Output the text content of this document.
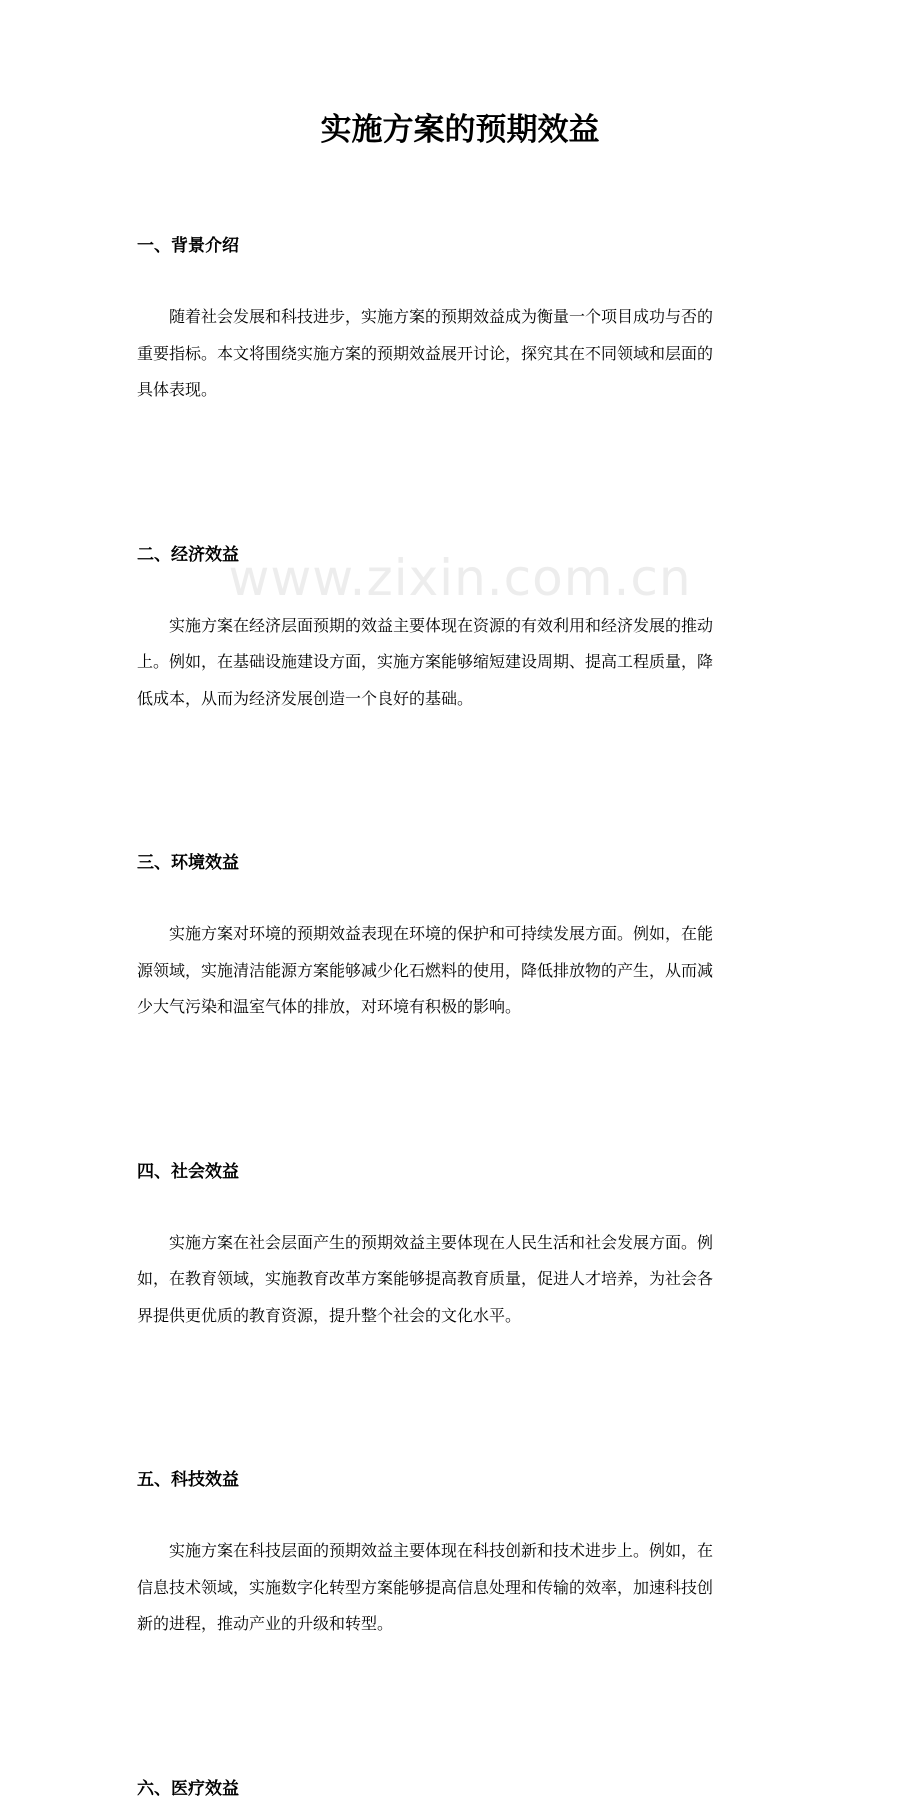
www.zixin.com.cn
实施方案的预期效益
一、背景介绍

随着社会发展和科技进步，实施方案的预期效益成为衡量一个项目成功与否的
重要指标。本文将围绕实施方案的预期效益展开讨论，探究其在不同领域和层面的
具体表现。

二、经济效益

实施方案在经济层面预期的效益主要体现在资源的有效利用和经济发展的推动
上。例如，在基础设施建设方面，实施方案能够缩短建设周期、提高工程质量，降
低成本，从而为经济发展创造一个良好的基础。

三、环境效益

实施方案对环境的预期效益表现在环境的保护和可持续发展方面。例如，在能
源领域，实施清洁能源方案能够减少化石燃料的使用，降低排放物的产生，从而减
少大气污染和温室气体的排放，对环境有积极的影响。

四、社会效益

实施方案在社会层面产生的预期效益主要体现在人民生活和社会发展方面。例
如，在教育领域，实施教育改革方案能够提高教育质量，促进人才培养，为社会各
界提供更优质的教育资源，提升整个社会的文化水平。

五、科技效益

实施方案在科技层面的预期效益主要体现在科技创新和技术进步上。例如，在
信息技术领域，实施数字化转型方案能够提高信息处理和传输的效率，加速科技创
新的进程，推动产业的升级和转型。

六、医疗效益
